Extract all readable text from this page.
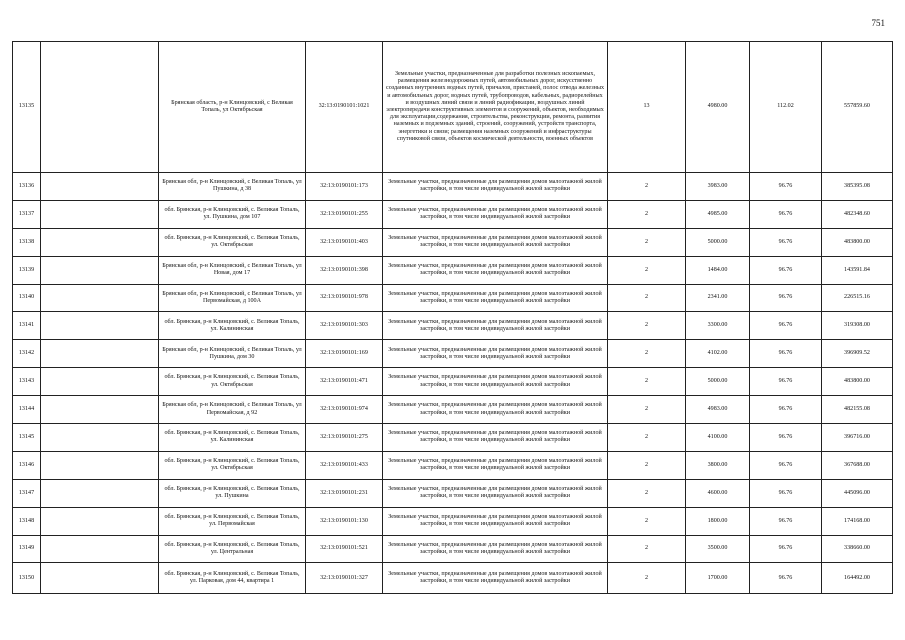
751
13135		Брянская область, р-н Клинцовский, с Великая Топаль, ул Октябрьская	32:13:0190101:1021	Земельные участки, предназначенные для разработки полезных ископаемых, размещения железнодорожных путей, автомобильных дорог, искусственно созданных внутренних водных путей, причалов, пристаней, полос отвода железных и автомобильных дорог, водных путей, трубопроводов, кабельных, радиорелейных и воздушных линий связи и линий радиофикации, воздушных линий электропередачи конструктивных элементов и сооружений, объектов, необходимых для эксплуатации,содержания, строительства, реконструкции, ремонта, развития наземных и подземных зданий, строений, сооружений, устройств транспорта, энергетики и связи; размещения наземных сооружений и инфраструктуры спутниковой связи, объектов космической деятельности, военных объектов	13	4980.00	112.02	557859.60
13136		Брянская обл, р-н Клинцовский, с Великая Топаль, ул Пушкина, д 38	32:13:0190101:173	Земельные участки, предназначенные для размещения домов малоэтажной жилой застройки, в том числе индивидуальной жилой застройки	2	3983.00	96.76	385395.08
13137		обл. Брянская, р-н Клинцовский, с. Великая Топаль, ул. Пушкина, дом 107	32:13:0190101:255	Земельные участки, предназначенные для размещения домов малоэтажной жилой застройки, в том числе индивидуальной жилой застройки	2	4985.00	96.76	482348.60
13138		обл. Брянская, р-н Клинцовский, с. Великая Топаль, ул. Октябрьская	32:13:0190101:403	Земельные участки, предназначенные для размещения домов малоэтажной жилой застройки, в том числе индивидуальной жилой застройки	2	5000.00	96.76	483800.00
13139		Брянская обл, р-н Клинцовский, с Великая Топаль, ул Новая, дом 17	32:13:0190101:398	Земельные участки, предназначенные для размещения домов малоэтажной жилой застройки, в том числе индивидуальной жилой застройки	2	1484.00	96.76	143591.84
13140		Брянская обл, р-н Клинцовский, с Великая Топаль, ул Первомайская, д 100А	32:13:0190101:978	Земельные участки, предназначенные для размещения домов малоэтажной жилой застройки, в том числе индивидуальной жилой застройки	2	2341.00	96.76	226515.16
13141		обл. Брянская, р-н Клинцовский, с. Великая Топаль, ул. Калининская	32:13:0190101:303	Земельные участки, предназначенные для размещения домов малоэтажной жилой застройки, в том числе индивидуальной жилой застройки	2	3300.00	96.76	319308.00
13142		Брянская обл, р-н Клинцовский, с Великая Топаль, ул Пушкина, дом 30	32:13:0190101:169	Земельные участки, предназначенные для размещения домов малоэтажной жилой застройки, в том числе индивидуальной жилой застройки	2	4102.00	96.76	396909.52
13143		обл. Брянская, р-н Клинцовский, с. Великая Топаль, ул. Октябрьская	32:13:0190101:471	Земельные участки, предназначенные для размещения домов малоэтажной жилой застройки, в том числе индивидуальной жилой застройки	2	5000.00	96.76	483800.00
13144		Брянская обл, р-н Клинцовский, с Великая Топаль, ул Первомайская, д 92	32:13:0190101:974	Земельные участки, предназначенные для размещения домов малоэтажной жилой застройки, в том числе индивидуальной жилой застройки	2	4983.00	96.76	482155.08
13145		обл. Брянская, р-н Клинцовский, с. Великая Топаль, ул. Калининская	32:13:0190101:275	Земельные участки, предназначенные для размещения домов малоэтажной жилой застройки, в том числе индивидуальной жилой застройки	2	4100.00	96.76	396716.00
13146		обл. Брянская, р-н Клинцовский, с. Великая Топаль, ул. Октябрьская	32:13:0190101:433	Земельные участки, предназначенные для размещения домов малоэтажной жилой застройки, в том числе индивидуальной жилой застройки	2	3800.00	96.76	367688.00
13147		обл. Брянская, р-н Клинцовский, с. Великая Топаль, ул. Пушкина	32:13:0190101:231	Земельные участки, предназначенные для размещения домов малоэтажной жилой застройки, в том числе индивидуальной жилой застройки	2	4600.00	96.76	445096.00
13148		обл. Брянская, р-н Клинцовский, с. Великая Топаль, ул. Первомайская	32:13:0190101:130	Земельные участки, предназначенные для размещения домов малоэтажной жилой застройки, в том числе индивидуальной жилой застройки	2	1800.00	96.76	174168.00
13149		обл. Брянская, р-н Клинцовский, с. Великая Топаль, ул. Центральная	32:13:0190101:521	Земельные участки, предназначенные для размещения домов малоэтажной жилой застройки, в том числе индивидуальной жилой застройки	2	3500.00	96.76	338660.00
13150		обл. Брянская, р-н Клинцовский, с. Великая Топаль, ул. Парковая, дом 44, квартира 1	32:13:0190101:327	Земельные участки, предназначенные для размещения домов малоэтажной жилой застройки, в том числе индивидуальной жилой застройки	2	1700.00	96.76	164492.00
